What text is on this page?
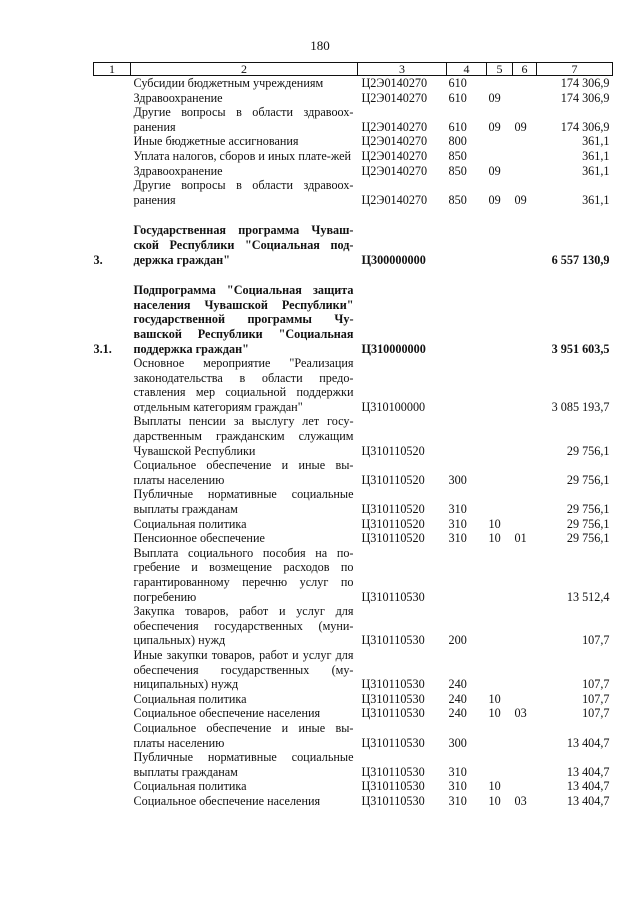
180
1	2	3	4	5	6	7
	Субсидии бюджетным учреждениям	Ц2Э0140270	610			174 306,9
	Здравоохранение	Ц2Э0140270	610	09		174 306,9
	Другие вопросы в области здравоох-ранения	Ц2Э0140270	610	09	09	174 306,9
	Иные бюджетные ассигнования	Ц2Э0140270	800			361,1
	Уплата налогов, сборов и иных плате-жей	Ц2Э0140270	850			361,1
	Здравоохранение	Ц2Э0140270	850	09		361,1
	Другие вопросы в области здравоох-ранения	Ц2Э0140270	850	09	09	361,1

3.	Государственная программа Чуваш-ской Республики "Социальная под-держка граждан"	Ц300000000				6 557 130,9

3.1.	Подпрограмма "Социальная защита населения Чувашской Республики" государственной программы Чу-вашской Республики "Социальная поддержка граждан"	Ц310000000				3 951 603,5
	Основное мероприятие "Реализация законодательства в области предо-ставления мер социальной поддержки отдельным категориям граждан"	Ц310100000				3 085 193,7
	Выплаты пенсии за выслугу лет госу-дарственным гражданским служащим Чувашской Республики	Ц310110520				29 756,1
	Социальное обеспечение и иные вы-платы населению	Ц310110520	300			29 756,1
	Публичные нормативные социальные выплаты гражданам	Ц310110520	310			29 756,1
	Социальная политика	Ц310110520	310	10		29 756,1
	Пенсионное обеспечение	Ц310110520	310	10	01	29 756,1
	Выплата социального пособия на по-гребение и возмещение расходов по гарантированному перечню услуг по погребению	Ц310110530				13 512,4
	Закупка товаров, работ и услуг для обеспечения государственных (муни-ципальных) нужд	Ц310110530	200			107,7
	Иные закупки товаров, работ и услуг для обеспечения государственных (му-ниципальных) нужд	Ц310110530	240			107,7
	Социальная политика	Ц310110530	240	10		107,7
	Социальное обеспечение населения	Ц310110530	240	10	03	107,7
	Социальное обеспечение и иные вы-платы населению	Ц310110530	300			13 404,7
	Публичные нормативные социальные выплаты гражданам	Ц310110530	310			13 404,7
	Социальная политика	Ц310110530	310	10		13 404,7
	Социальное обеспечение населения	Ц310110530	310	10	03	13 404,7
